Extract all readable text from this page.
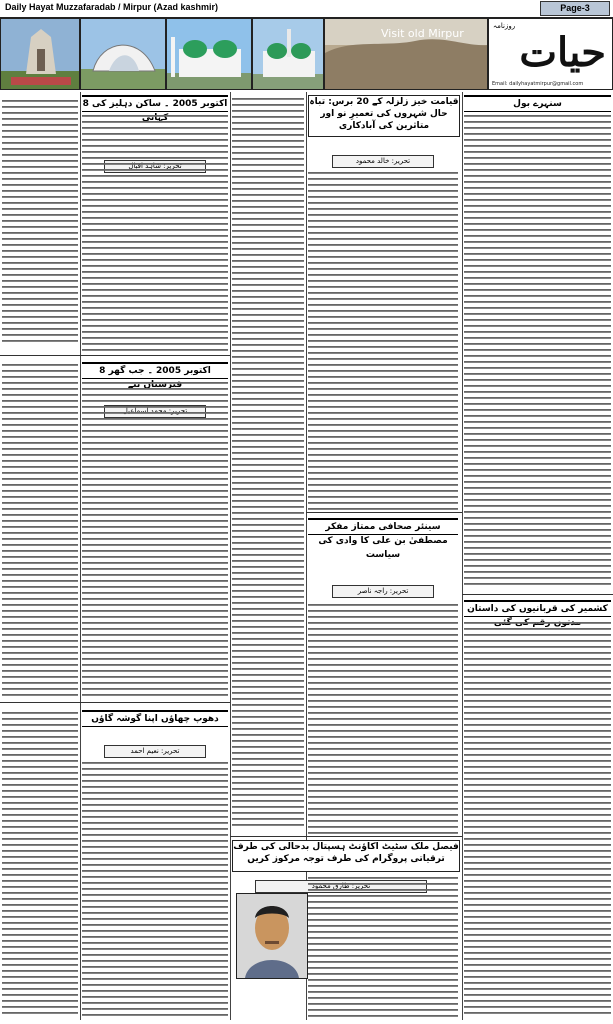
Daily Hayat Muzzafaradab / Mirpur (Azad kashmir)	Page-3
Visit old Mirpur
روزنامہ
حیات
Email: dailyhayatmirpur@gmail.com
قیامت خیز زلزلہ کے 20 برس: تباہ حال شہروں کی تعمیرِ نو اور متاثرین کی آبادکاری
8 اکتوبر 2005 ۔ ساکن دہلیز کی
8 اکتوبر 2005 ۔ جب گھر
سنہرے بول
سینئر صحافی ممتاز مفکر مصطفیٰ بن علی کا وادی کی سیاست
دھوپ چھاؤں اپنا گوشہ گاؤں
فیصل ملک سٹیٹ اکاؤنٹ ہسپتال بدحالی کی طرف ترقیاتی پروگرام کی طرف توجہ مرکوز کریں
کشمیر کی قربانیوں کی داستان
تحریر: خالد محمود
تحریر: راجہ ناصر
تحریر: نعیم احمد
